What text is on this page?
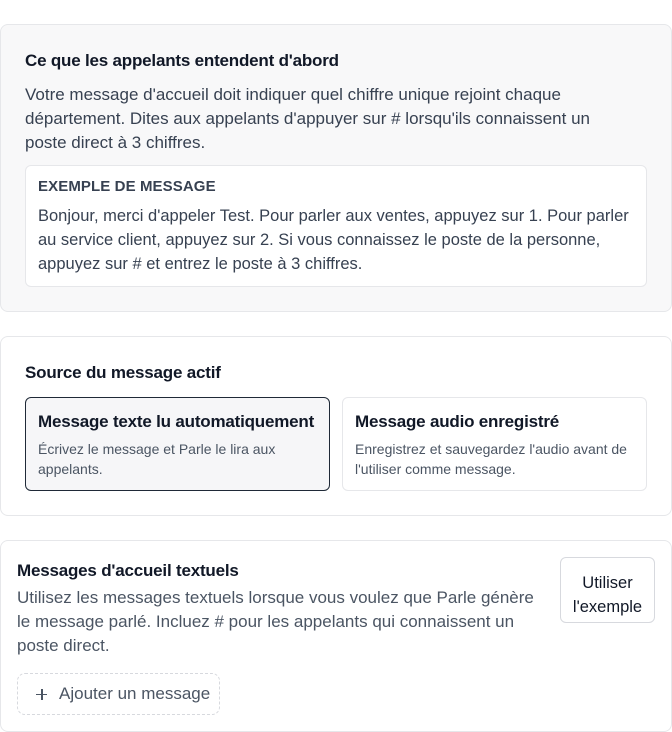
Ce que les appelants entendent d'abord
Votre message d'accueil doit indiquer quel chiffre unique rejoint chaque département. Dites aux appelants d'appuyer sur # lorsqu'ils connaissent un poste direct à 3 chiffres.
EXEMPLE DE MESSAGE
Bonjour, merci d'appeler Test. Pour parler aux ventes, appuyez sur 1. Pour parler au service client, appuyez sur 2. Si vous connaissez le poste de la personne, appuyez sur # et entrez le poste à 3 chiffres.
Source du message actif
Message texte lu automatiquement
Écrivez le message et Parle le lira aux appelants.
Message audio enregistré
Enregistrez et sauvegardez l'audio avant de l'utiliser comme message.
Messages d'accueil textuels
Utilisez les messages textuels lorsque vous voulez que Parle génère le message parlé. Incluez # pour les appelants qui connaissent un poste direct.
Utiliser l'exemple
Ajouter un message
